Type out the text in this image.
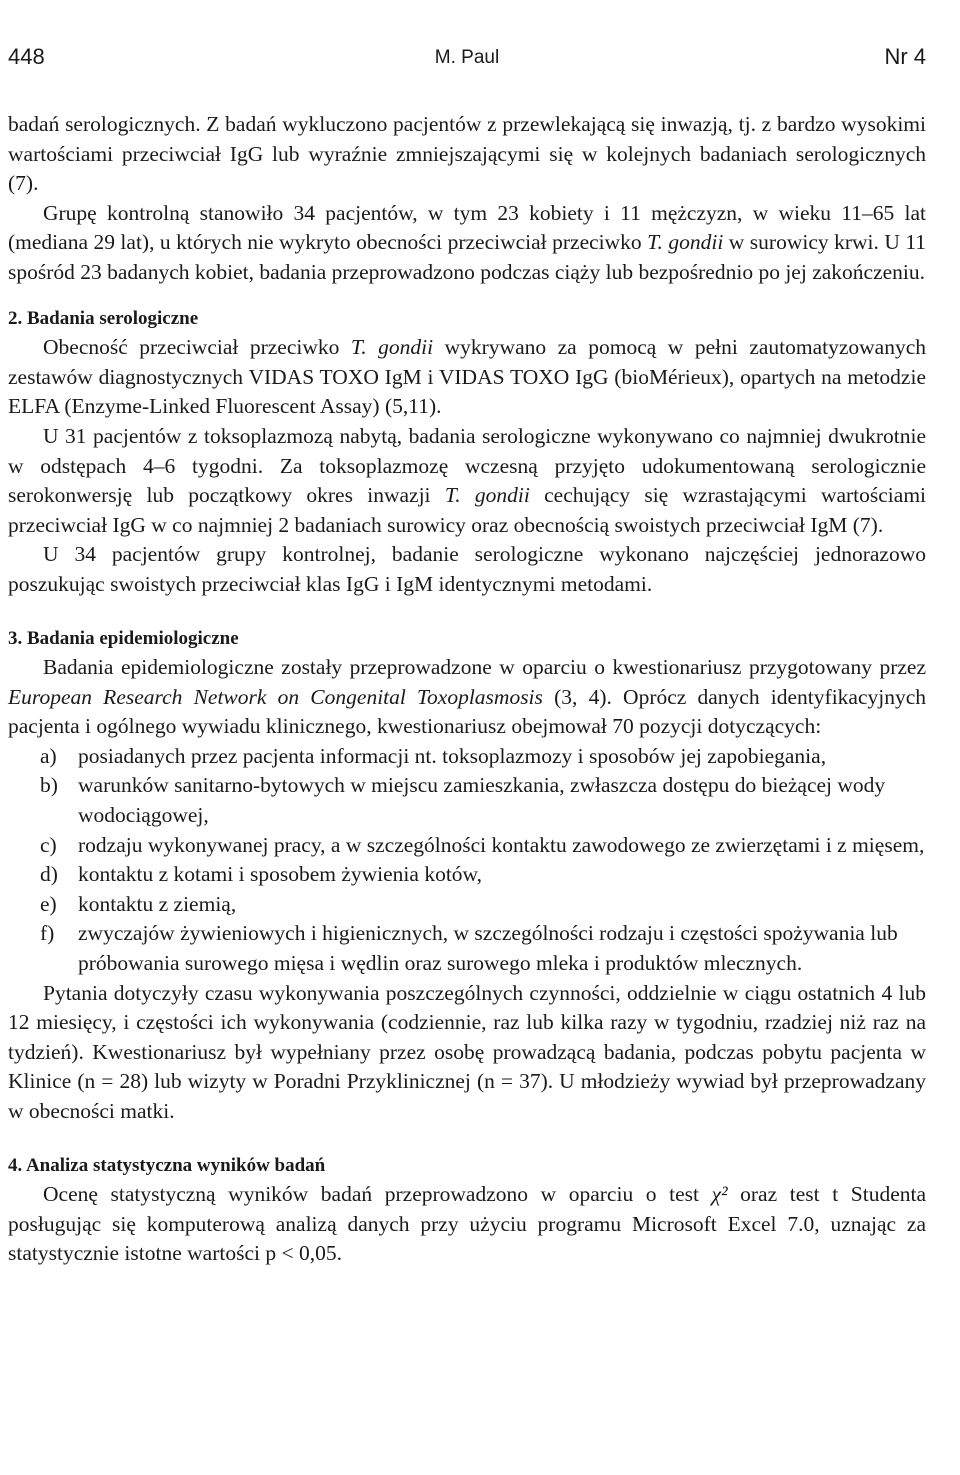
448	M. Paul	Nr 4

badań serologicznych. Z badań wykluczono pacjentów z przewlekającą się inwazją, tj. z bardzo wysokimi wartościami przeciwciał IgG lub wyraźnie zmniejszającymi się w kolejnych badaniach serologicznych (7).

Grupę kontrolną stanowiło 34 pacjentów, w tym 23 kobiety i 11 mężczyzn, w wieku 11–65 lat (mediana 29 lat), u których nie wykryto obecności przeciwciał przeciwko T. gondii w surowicy krwi. U 11 spośród 23 badanych kobiet, badania przeprowadzono podczas ciąży lub bezpośrednio po jej zakończeniu.

2. Badania serologiczne

Obecność przeciwciał przeciwko T. gondii wykrywano za pomocą w pełni zautomatyzowanych zestawów diagnostycznych VIDAS TOXO IgM i VIDAS TOXO IgG (bioMérieux), opartych na metodzie ELFA (Enzyme-Linked Fluorescent Assay) (5,11).

U 31 pacjentów z toksoplazmozą nabytą, badania serologiczne wykonywano co najmniej dwukrotnie w odstępach 4–6 tygodni. Za toksoplazmozę wczesną przyjęto udokumentowaną serologicznie serokonwersję lub początkowy okres inwazji T. gondii cechujący się wzrastającymi wartościami przeciwciał IgG w co najmniej 2 badaniach surowicy oraz obecnością swoistych przeciwciał IgM (7).

U 34 pacjentów grupy kontrolnej, badanie serologiczne wykonano najczęściej jednorazowo poszukując swoistych przeciwciał klas IgG i IgM identycznymi metodami.

3. Badania epidemiologiczne

Badania epidemiologiczne zostały przeprowadzone w oparciu o kwestionariusz przygotowany przez European Research Network on Congenital Toxoplasmosis (3, 4). Oprócz danych identyfikacyjnych pacjenta i ogólnego wywiadu klinicznego, kwestionariusz obejmował 70 pozycji dotyczących:

a) posiadanych przez pacjenta informacji nt. toksoplazmozy i sposobów jej zapobiegania,
b) warunków sanitarno-bytowych w miejscu zamieszkania, zwłaszcza dostępu do bieżącej wody wodociągowej,
c) rodzaju wykonywanej pracy, a w szczególności kontaktu zawodowego ze zwierzętami i z mięsem,
d) kontaktu z kotami i sposobem żywienia kotów,
e) kontaktu z ziemią,
f) zwyczajów żywieniowych i higienicznych, w szczególności rodzaju i częstości spożywania lub próbowania surowego mięsa i wędlin oraz surowego mleka i produktów mlecznych.

Pytania dotyczyły czasu wykonywania poszczególnych czynności, oddzielnie w ciągu ostatnich 4 lub 12 miesięcy, i częstości ich wykonywania (codziennie, raz lub kilka razy w tygodniu, rzadziej niż raz na tydzień). Kwestionariusz był wypełniany przez osobę prowadzącą badania, podczas pobytu pacjenta w Klinice (n = 28) lub wizyty w Poradni Przyklinicznej (n = 37). U młodzieży wywiad był przeprowadzany w obecności matki.

4. Analiza statystyczna wyników badań

Ocenę statystyczną wyników badań przeprowadzono w oparciu o test χ² oraz test t Studenta posługując się komputerową analizą danych przy użyciu programu Microsoft Excel 7.0, uznając za statystycznie istotne wartości p < 0,05.
